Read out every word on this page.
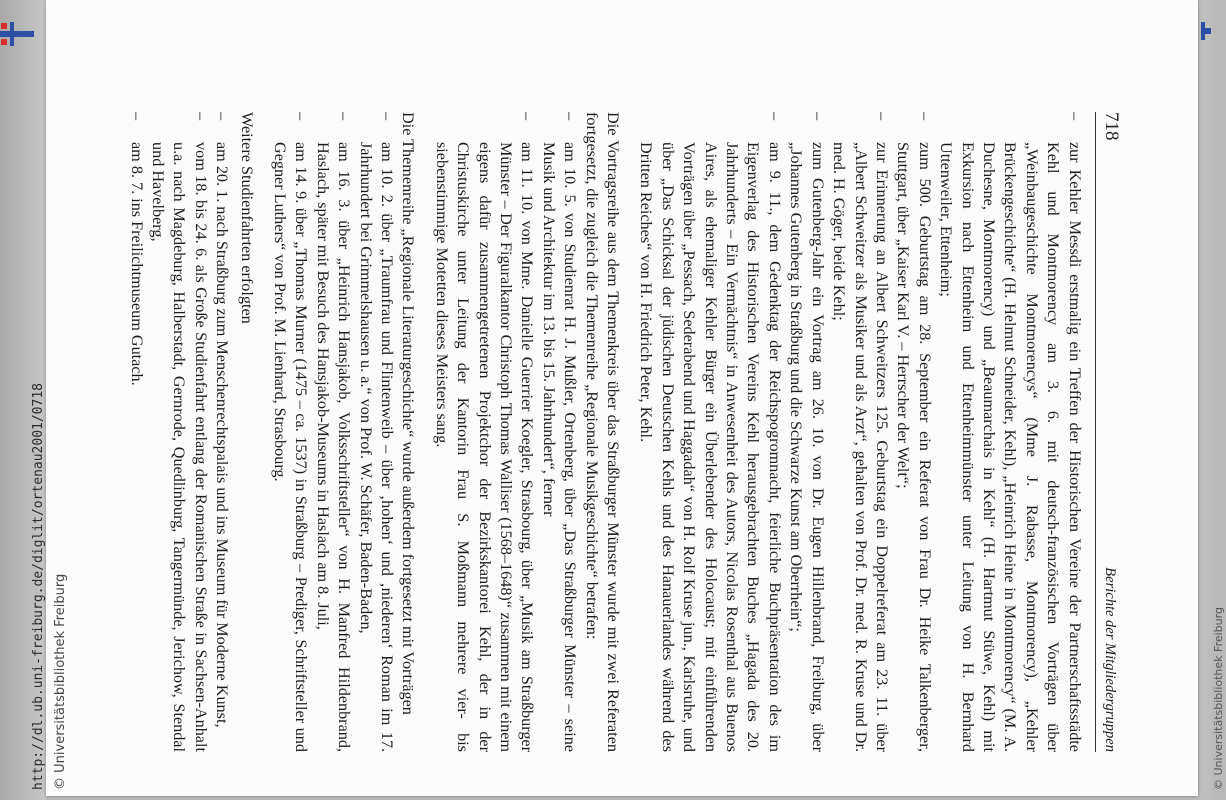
http://dl.ub.uni-freiburg.de/diglit/ortenau2001/0718 © Universitätsbibliothek Freiburg	© Universitätsbibliothek Freiburg
718
Berichte der Mitgliedergruppen
–
zur Kehler Messdi erstmalig ein Treffen der Historischen Vereine der Partnerschaftsstädte Kehl und Montmorency am 3. 6. mit deutsch-französischen Vorträgen über „Weinbaugeschichte Montmorencys“ (Mme J. Rabasse, Montmorency), „Kehler Brückengeschichte“ (H. Helmut Schneider, Kehl), „Heinrich Heine in Montmorency“ (M. A. Duchesne, Montmorency) und „Beaumarchais in Kehl“ (H. Hartmut Stüwe, Kehl) mit Exkursion nach Ettenheim und Ettenheimmünster unter Leitung von H. Bernhard Uttenweiler, Ettenheim;
–
zum 500. Geburtstag am 28. September ein Referat von Frau Dr. Heike Talkenberger, Stuttgart, über „Kaiser Karl V. – Herrscher der Welt“;
–
zur Erinnerung an Albert Schweitzers 125. Geburtstag ein Doppelreferat am 23. 11. über „Albert Schweitzer als Musiker und als Arzt“, gehalten von Prof. Dr. med. R. Kruse und Dr. med. H. Göger, beide Kehl;
–
zum Gutenberg-Jahr ein Vortrag am 26. 10. von Dr. Eugen Hillenbrand, Freiburg, über „Johannes Gutenberg in Straßburg und die Schwarze Kunst am Oberrhein“;
–
am 9. 11., dem Gedenktag der Reichspogromnacht, feierliche Buchpräsentation des im Eigenverlag des Historischen Vereins Kehl herausgebrachten Buches „Hagada des 20. Jahrhunderts – Ein Vermächtnis“ in Anwesenheit des Autors, Nicolas Rosenthal aus Buenos Aires, als ehemaliger Kehler Bürger ein Überlebender des Holocaust; mit einführenden Vorträgen über „Pessach, Sederabend und Haggadah“ von H. Rolf Kruse jun., Karlsruhe, und über „Das Schicksal der jüdischen Deutschen Kehls und des Hanauerlandes während des Dritten Reiches“ von H. Friedrich Peter, Kehl.

Die Vortragsreihe aus dem Themenkreis über das Straßburger Münster wurde mit zwei Referaten fortgesetzt, die zugleich die Themenreihe „Regionale Musikgeschichte“ betrafen:

–
am 10. 5. von Studienrat H. J. Mußler, Ortenberg, über „Das Straßburger Münster – seine Musik und Architektur im 13. bis 15. Jahrhundert“, ferner
–
am 11. 10. von Mme. Danielle Guerrier Koegler, Strasbourg, über „Musik am Straßburger Münster – Der Figuralkantor Christoph Thomas Walliser (1568–1648)“ zusammen mit einem eigens dafür zusammengetretenen Projektchor der Bezirkskantorei Kehl, der in der Christuskirche unter Leitung der Kantorin Frau S. Moßmann mehrere vier- bis siebenstimmige Motetten dieses Meisters sang.

Die Themenreihe „Regionale Literaturgeschichte“ wurde außerdem fortgesetzt mit Vorträgen

–
am 10. 2. über „Traumfrau und Flintenweib – über ‚hohen‘ und ‚niederen‘ Roman im 17. Jahrhundert bei Grimmelshausen u. a.“ von Prof. W. Schäfer, Baden-Baden,
–
am 16. 3. über „Heinrich Hansjakob, Volksschriftsteller“ von H. Manfred Hildenbrand, Haslach, später mit Besuch des Hansjakob-Museums in Haslach am 8. Juli,
–
am 14. 9. über „Thomas Murner (1475 – ca. 1537) in Straßburg – Prediger, Schriftsteller und Gegner Luthers“ von Prof. M. Lienhard, Strasbourg.

Weitere Studienfahrten erfolgten

–
am 20. 1. nach Straßburg zum Menschenrechtspalais und ins Museum für Moderne Kunst,
–
vom 18. bis 24. 6. als Große Studienfahrt entlang der Romanischen Straße in Sachsen-Anhalt u.a. nach Magdeburg, Halberstadt, Gernrode, Quedlinburg, Tangermünde, Jerichow, Stendal und Havelberg,
–
am 8. 7. ins Freilichtmuseum Gutach.
